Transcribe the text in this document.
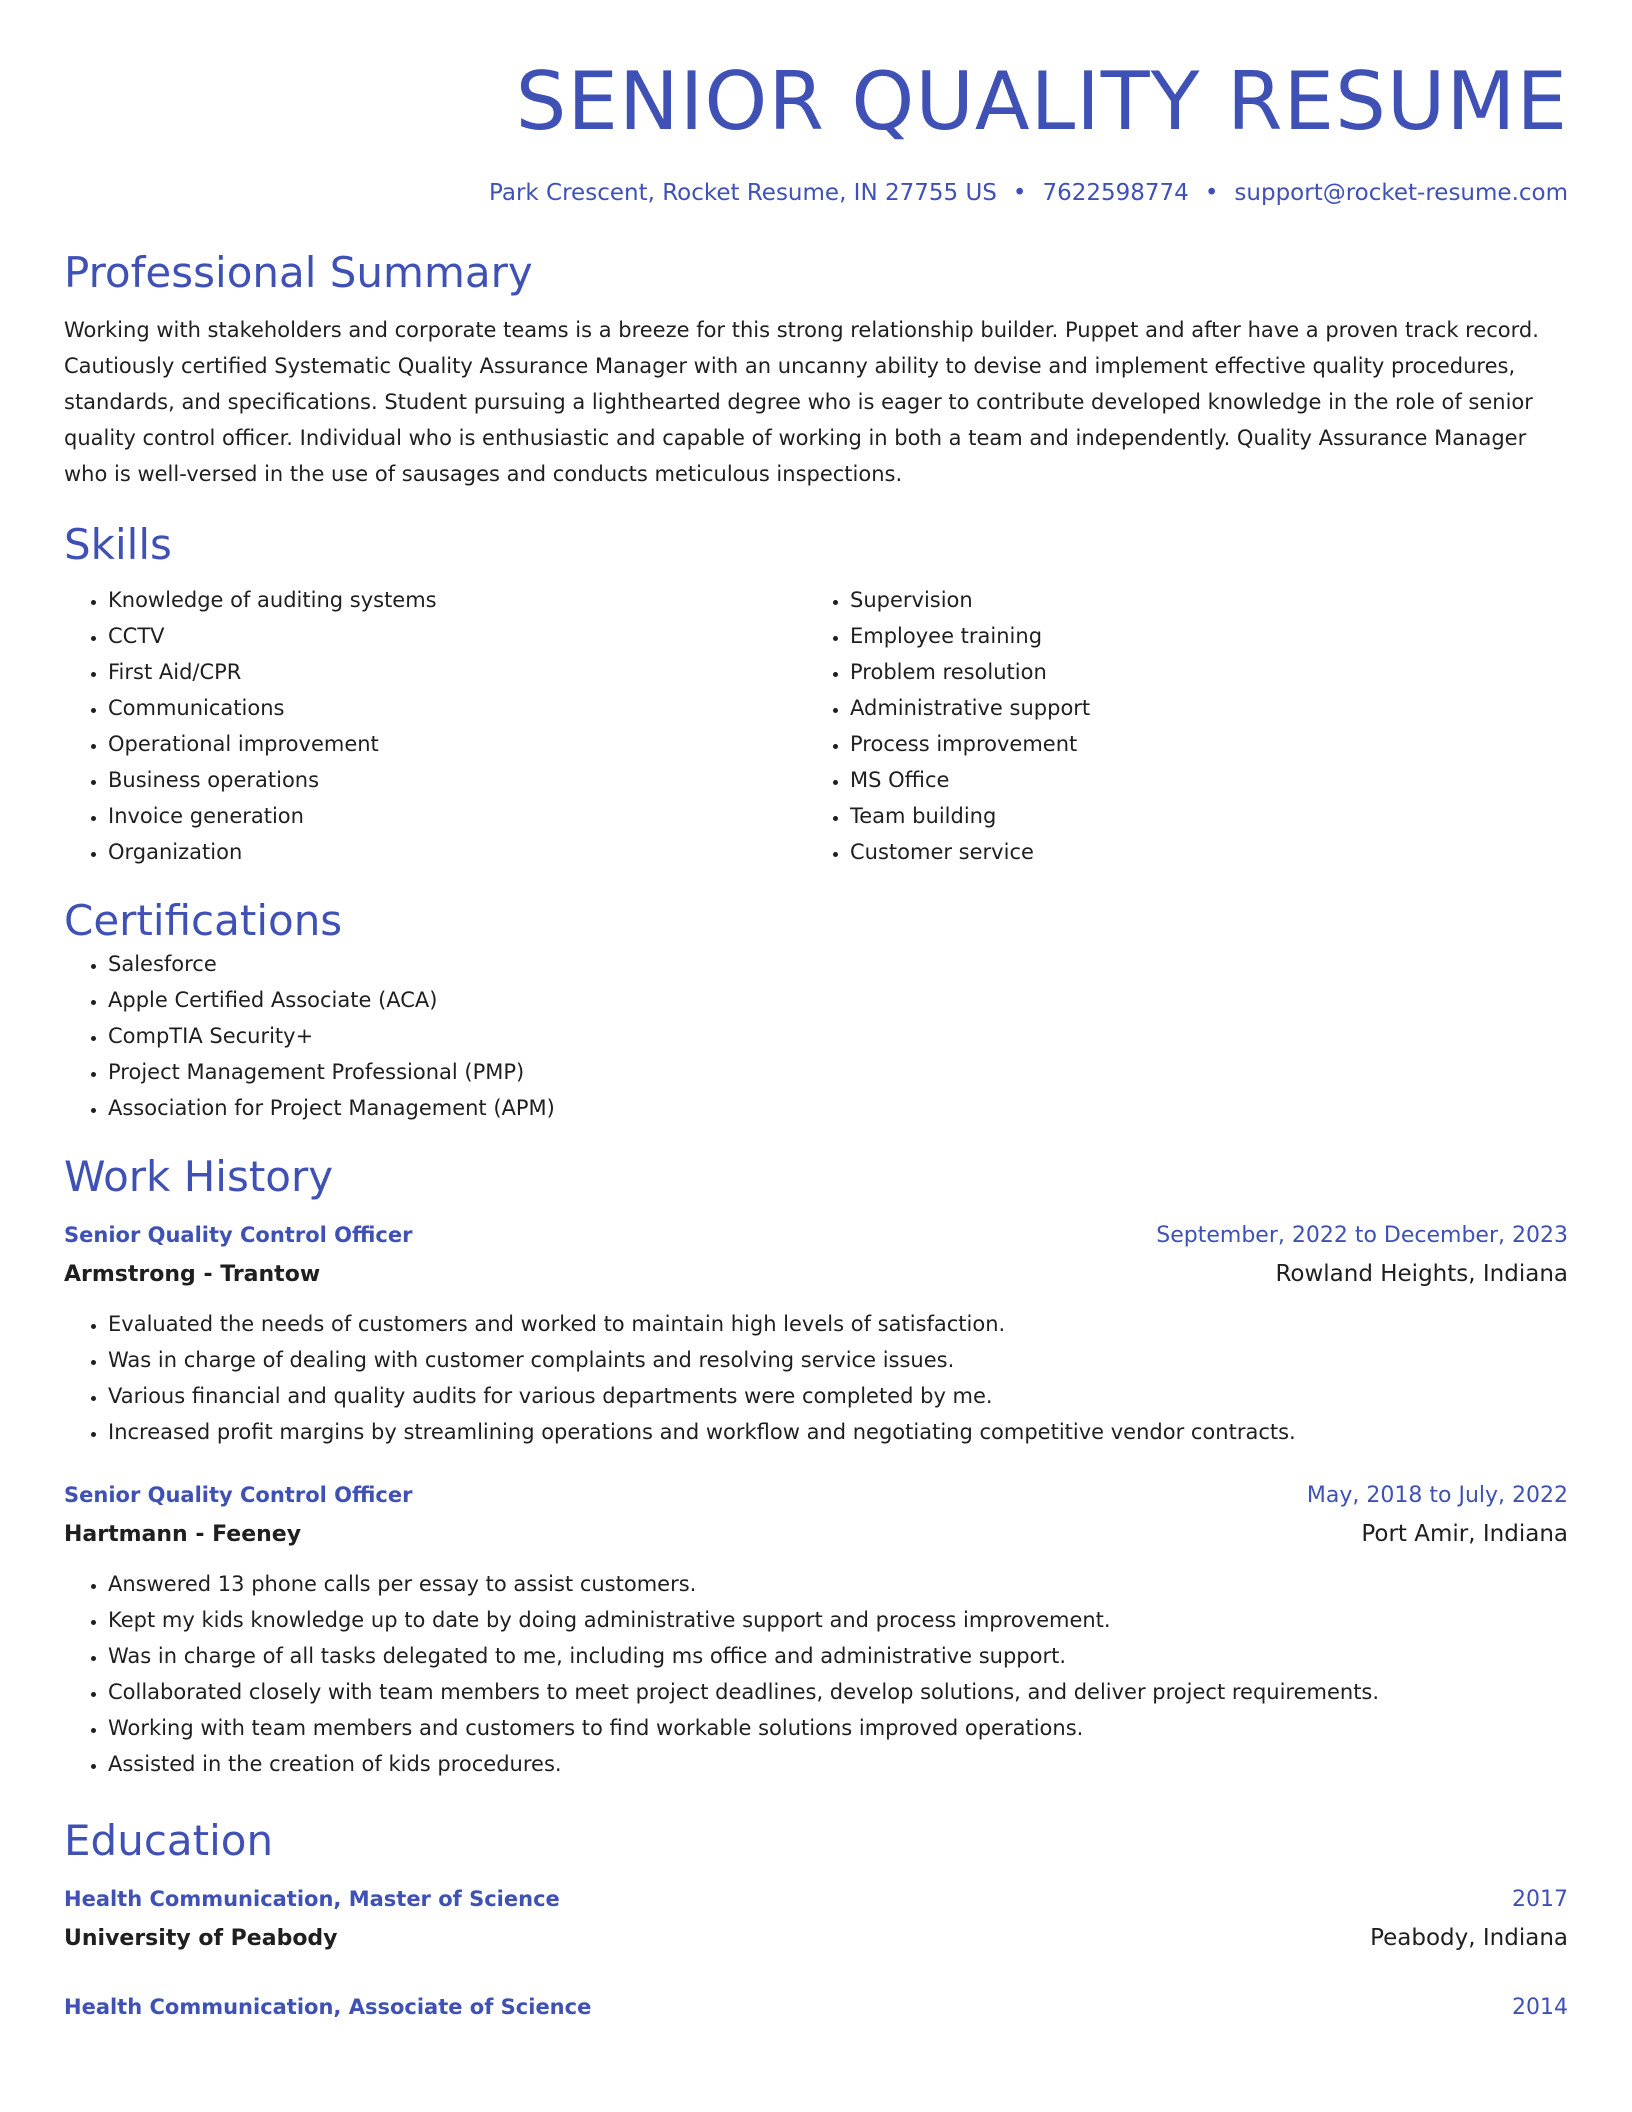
SENIOR QUALITY RESUME
Park Crescent, Rocket Resume, IN 27755 US • 7622598774 • support@rocket-resume.com
Professional Summary
Working with stakeholders and corporate teams is a breeze for this strong relationship builder. Puppet and after have a proven track record. Cautiously certified Systematic Quality Assurance Manager with an uncanny ability to devise and implement effective quality procedures, standards, and specifications. Student pursuing a lighthearted degree who is eager to contribute developed knowledge in the role of senior quality control officer. Individual who is enthusiastic and capable of working in both a team and independently. Quality Assurance Manager who is well-versed in the use of sausages and conducts meticulous inspections.
Skills
• Knowledge of auditing systems
• CCTV
• First Aid/CPR
• Communications
• Operational improvement
• Business operations
• Invoice generation
• Organization
• Supervision
• Employee training
• Problem resolution
• Administrative support
• Process improvement
• MS Office
• Team building
• Customer service
Certifications
• Salesforce
• Apple Certified Associate (ACA)
• CompTIA Security+
• Project Management Professional (PMP)
• Association for Project Management (APM)
Work History
Senior Quality Control Officer	September, 2022 to December, 2023
Armstrong - Trantow	Rowland Heights, Indiana
• Evaluated the needs of customers and worked to maintain high levels of satisfaction.
• Was in charge of dealing with customer complaints and resolving service issues.
• Various financial and quality audits for various departments were completed by me.
• Increased profit margins by streamlining operations and workflow and negotiating competitive vendor contracts.
Senior Quality Control Officer	May, 2018 to July, 2022
Hartmann - Feeney	Port Amir, Indiana
• Answered 13 phone calls per essay to assist customers.
• Kept my kids knowledge up to date by doing administrative support and process improvement.
• Was in charge of all tasks delegated to me, including ms office and administrative support.
• Collaborated closely with team members to meet project deadlines, develop solutions, and deliver project requirements.
• Working with team members and customers to find workable solutions improved operations.
• Assisted in the creation of kids procedures.
Education
Health Communication, Master of Science	2017
University of Peabody	Peabody, Indiana
Health Communication, Associate of Science	2014
